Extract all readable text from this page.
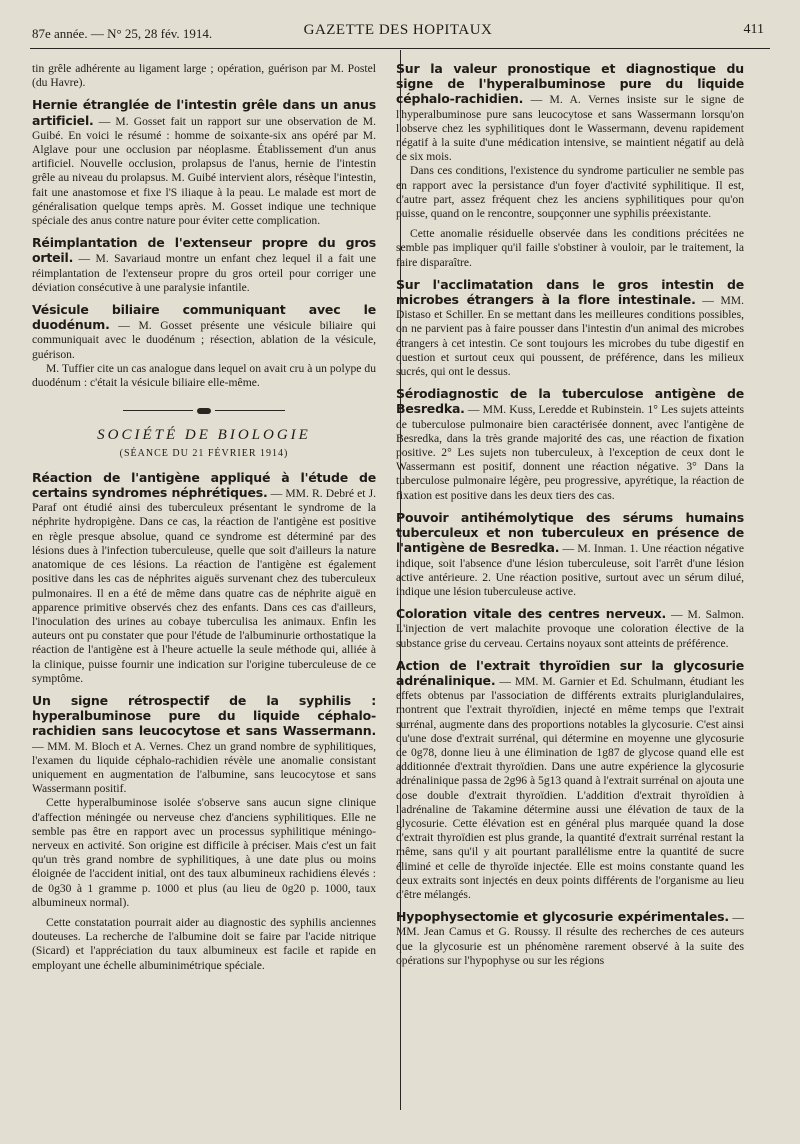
87e année. — N° 25, 28 fév. 1914.	GAZETTE DES HOPITAUX	411

tin grêle adhérente au ligament large ; opération, guérison par M. Postel (du Havre).

Hernie étranglée de l'intestin grêle dans un anus artificiel. — M. Gosset fait un rapport sur une observation de M. Guibé. En voici le résumé : homme de soixante-six ans opéré par M. Alglave pour une occlusion par néoplasme. Établissement d'un anus artificiel. Nouvelle occlusion, prolapsus de l'anus, hernie de l'intestin grêle au niveau du prolapsus. M. Guibé intervient alors, résèque l'intestin, fait une anastomose et fixe l'S iliaque à la peau. Le malade est mort de généralisation quelque temps après. M. Gosset indique une technique spéciale des anus contre nature pour éviter cette complication.
Réimplantation de l'extenseur propre du gros orteil. — M. Savariaud montre un enfant chez lequel il a fait une réimplantation de l'extenseur propre du gros orteil pour corriger une déviation consécutive à une paralysie infantile.
Vésicule biliaire communiquant avec le duodénum. — M. Gosset présente une vésicule biliaire qui communiquait avec le duodénum ; résection, ablation de la vésicule, guérison.

M. Tuffier cite un cas analogue dans lequel on avait cru à un polype du duodénum : c'était la vésicule biliaire elle-même.

SOCIÉTÉ DE BIOLOGIE
(SÉANCE DU 21 FÉVRIER 1914)
Réaction de l'antigène appliqué à l'étude de certains syndromes néphrétiques. — MM. R. Debré et J. Paraf ont étudié ainsi des tuberculeux présentant le syndrome de la néphrite hydropigène. Dans ce cas, la réaction de l'antigène est positive en règle presque absolue, quand ce syndrome est déterminé par des lésions dues à l'infection tuberculeuse, quelle que soit d'ailleurs la nature anatomique de ces lésions. La réaction de l'antigène est également positive dans les cas de néphrites aiguës survenant chez des tuberculeux pulmonaires. Il en a été de même dans quatre cas de néphrite aiguë en apparence primitive observés chez des enfants. Dans ces cas d'ailleurs, l'inoculation des urines au cobaye tuberculisa les animaux. Enfin les auteurs ont pu constater que pour l'étude de l'albuminurie orthostatique la réaction de l'antigène est à l'heure actuelle la seule méthode qui, alliée à la clinique, puisse fournir une indication sur l'origine tuberculeuse de ce symptôme.
Un signe rétrospectif de la syphilis : hyperalbuminose pure du liquide céphalo-rachidien sans leucocytose et sans Wassermann. — MM. M. Bloch et A. Vernes. Chez un grand nombre de syphilitiques, l'examen du liquide céphalo-rachidien révèle une anomalie consistant uniquement en augmentation de l'albumine, sans leucocytose et sans Wassermann positif.

Cette hyperalbuminose isolée s'observe sans aucun signe clinique d'affection méningée ou nerveuse chez d'anciens syphilitiques. Elle ne semble pas être en rapport avec un processus syphilitique méningo-nerveux en activité. Son origine est difficile à préciser. Mais c'est un fait qu'un très grand nombre de syphilitiques, à une date plus ou moins éloignée de l'accident initial, ont des taux albumineux rachidiens élevés : de 0g30 à 1 gramme p. 1000 et plus (au lieu de 0g20 p. 1000, taux albumineux normal).

Cette constatation pourrait aider au diagnostic des syphilis anciennes douteuses. La recherche de l'albumine doit se faire par l'acide nitrique (Sicard) et l'appréciation du taux albumineux est facile et rapide en employant une échelle albuminimétrique spéciale.

Sur la valeur pronostique et diagnostique du signe de l'hyperalbuminose pure du liquide céphalo-rachidien. — M. A. Vernes insiste sur le signe de l'hyperalbuminose pure sans leucocytose et sans Wassermann lorsqu'on l'observe chez les syphilitiques dont le Wassermann, devenu rapidement négatif à la suite d'une médication intensive, se maintient négatif au delà de six mois.

Dans ces conditions, l'existence du syndrome particulier ne semble pas en rapport avec la persistance d'un foyer d'activité syphilitique. Il est, d'autre part, assez fréquent chez les anciens syphilitiques pour qu'on puisse, quand on le rencontre, soupçonner une syphilis préexistante.

Cette anomalie résiduelle observée dans les conditions précitées ne semble pas impliquer qu'il faille s'obstiner à vouloir, par le traitement, la faire disparaître.

Sur l'acclimatation dans le gros intestin de microbes étrangers à la flore intestinale. — MM. Distaso et Schiller. En se mettant dans les meilleures conditions possibles, on ne parvient pas à faire pousser dans l'intestin d'un animal des microbes étrangers à cet intestin. Ce sont toujours les microbes du tube digestif en question et surtout ceux qui poussent, de préférence, dans les milieux sucrés, qui ont le dessus.
Sérodiagnostic de la tuberculose antigène de Besredka. — MM. Kuss, Leredde et Rubinstein. 1° Les sujets atteints de tuberculose pulmonaire bien caractérisée donnent, avec l'antigène de Besredka, dans la très grande majorité des cas, une réaction de fixation positive. 2° Les sujets non tuberculeux, à l'exception de ceux dont le Wassermann est positif, donnent une réaction négative. 3° Dans la tuberculose pulmonaire légère, peu progressive, apyrétique, la réaction de fixation est positive dans les deux tiers des cas.
Pouvoir antihémolytique des sérums humains tuberculeux et non tuberculeux en présence de l'antigène de Besredka. — M. Inman. 1. Une réaction négative indique, soit l'absence d'une lésion tuberculeuse, soit l'arrêt d'une lésion active antérieure. 2. Une réaction positive, surtout avec un sérum dilué, indique une lésion tuberculeuse active.
Coloration vitale des centres nerveux. — M. Salmon. L'injection de vert malachite provoque une coloration élective de la substance grise du cerveau. Certains noyaux sont atteints de préférence.
Action de l'extrait thyroïdien sur la glycosurie adrénalinique. — MM. M. Garnier et Ed. Schulmann, étudiant les effets obtenus par l'association de différents extraits pluriglandulaires, montrent que l'extrait thyroïdien, injecté en même temps que l'extrait surrénal, augmente dans des proportions notables la glycosurie. C'est ainsi qu'une dose d'extrait surrénal, qui détermine en moyenne une glycosurie de 0g78, donne lieu à une élimination de 1g87 de glycose quand elle est additionnée d'extrait thyroïdien. Dans une autre expérience la glycosurie adrénalinique passa de 2g96 à 5g13 quand à l'extrait surrénal on ajouta une dose double d'extrait thyroïdien. L'addition d'extrait thyroïdien à l'adrénaline de Takamine détermine aussi une élévation de taux de la glycosurie. Cette élévation est en général plus marquée quand la dose d'extrait thyroïdien est plus grande, la quantité d'extrait surrénal restant la même, sans qu'il y ait pourtant parallélisme entre la quantité de sucre éliminé et celle de thyroïde injectée. Elle est moins constante quand les deux extraits sont injectés en deux points différents de l'organisme au lieu d'être mélangés.
Hypophysectomie et glycosurie expérimentales. — MM. Jean Camus et G. Roussy. Il résulte des recherches de ces auteurs que la glycosurie est un phénomène rarement observé à la suite des opérations sur l'hypophyse ou sur les régions
